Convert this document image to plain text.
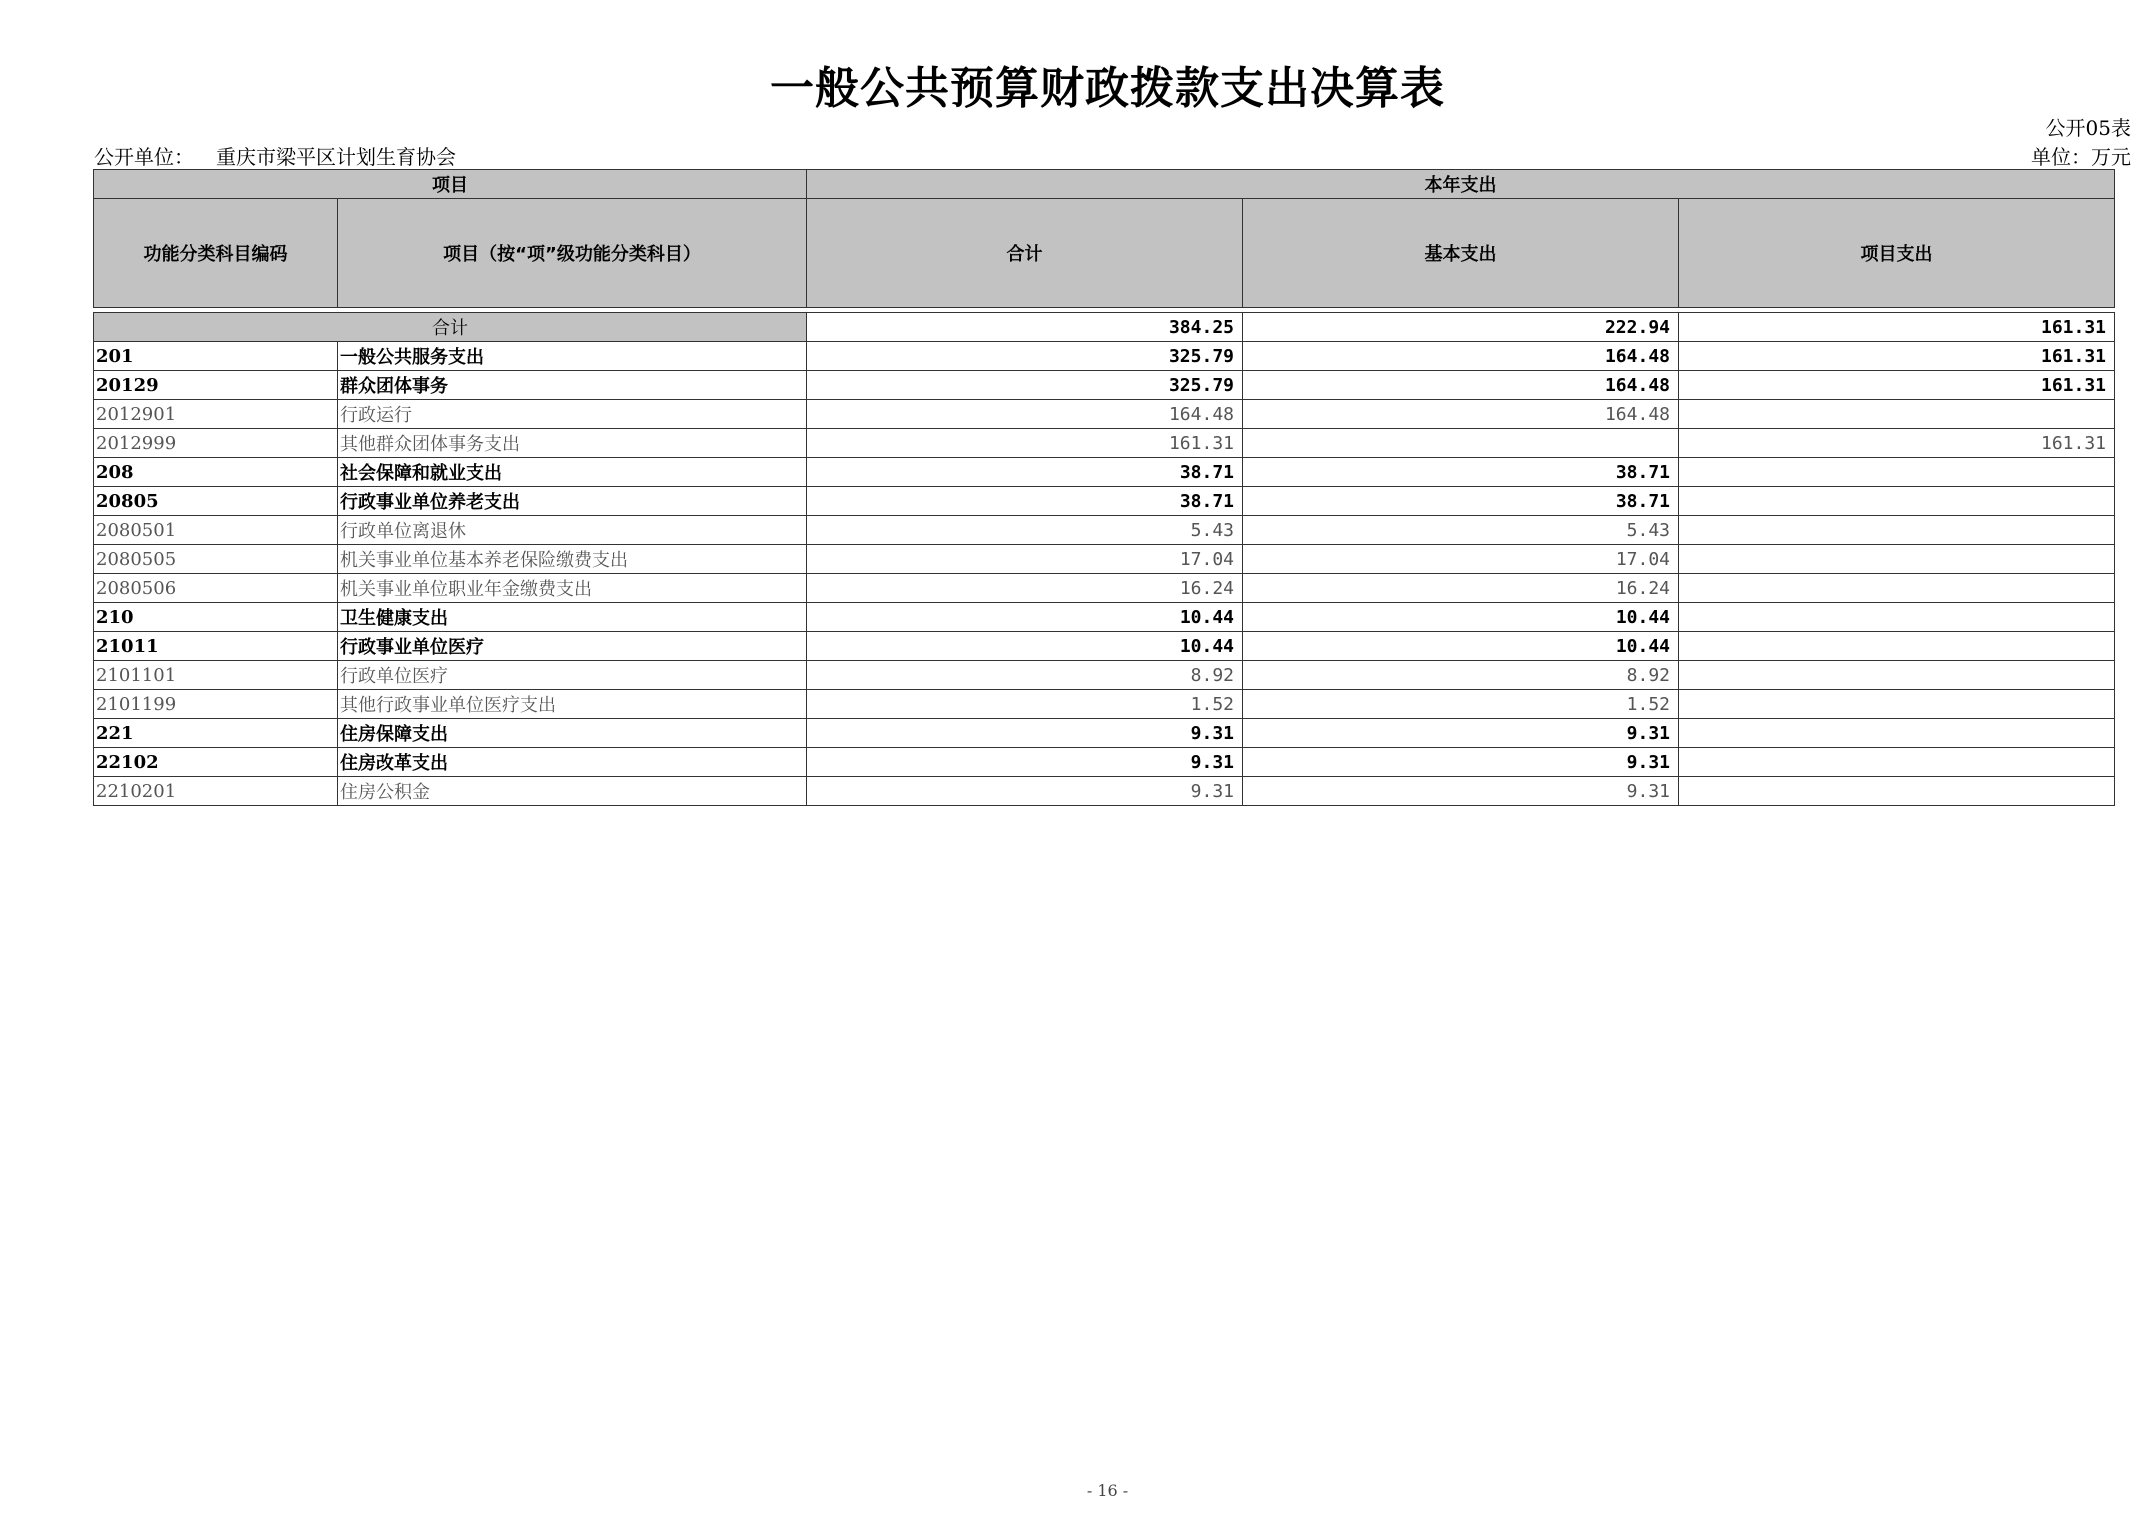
一般公共预算财政拨款支出决算表
公开05表
公开单位： 重庆市梁平区计划生育协会	单位：万元
项目		本年支出		
功能分类科目编码	项目（按“项”级功能分类科目）	合计	基本支出	项目支出

合计		384.25	222.94	161.31
201	一般公共服务支出	325.79	164.48	161.31
20129	群众团体事务	325.79	164.48	161.31
2012901	行政运行	164.48	164.48	
2012999	其他群众团体事务支出	161.31		161.31
208	社会保障和就业支出	38.71	38.71	
20805	行政事业单位养老支出	38.71	38.71	
2080501	行政单位离退休	5.43	5.43	
2080505	机关事业单位基本养老保险缴费支出	17.04	17.04	
2080506	机关事业单位职业年金缴费支出	16.24	16.24	
210	卫生健康支出	10.44	10.44	
21011	行政事业单位医疗	10.44	10.44	
2101101	行政单位医疗	8.92	8.92	
2101199	其他行政事业单位医疗支出	1.52	1.52	
221	住房保障支出	9.31	9.31	
22102	住房改革支出	9.31	9.31	
2210201	住房公积金	9.31	9.31	
- 16 -
